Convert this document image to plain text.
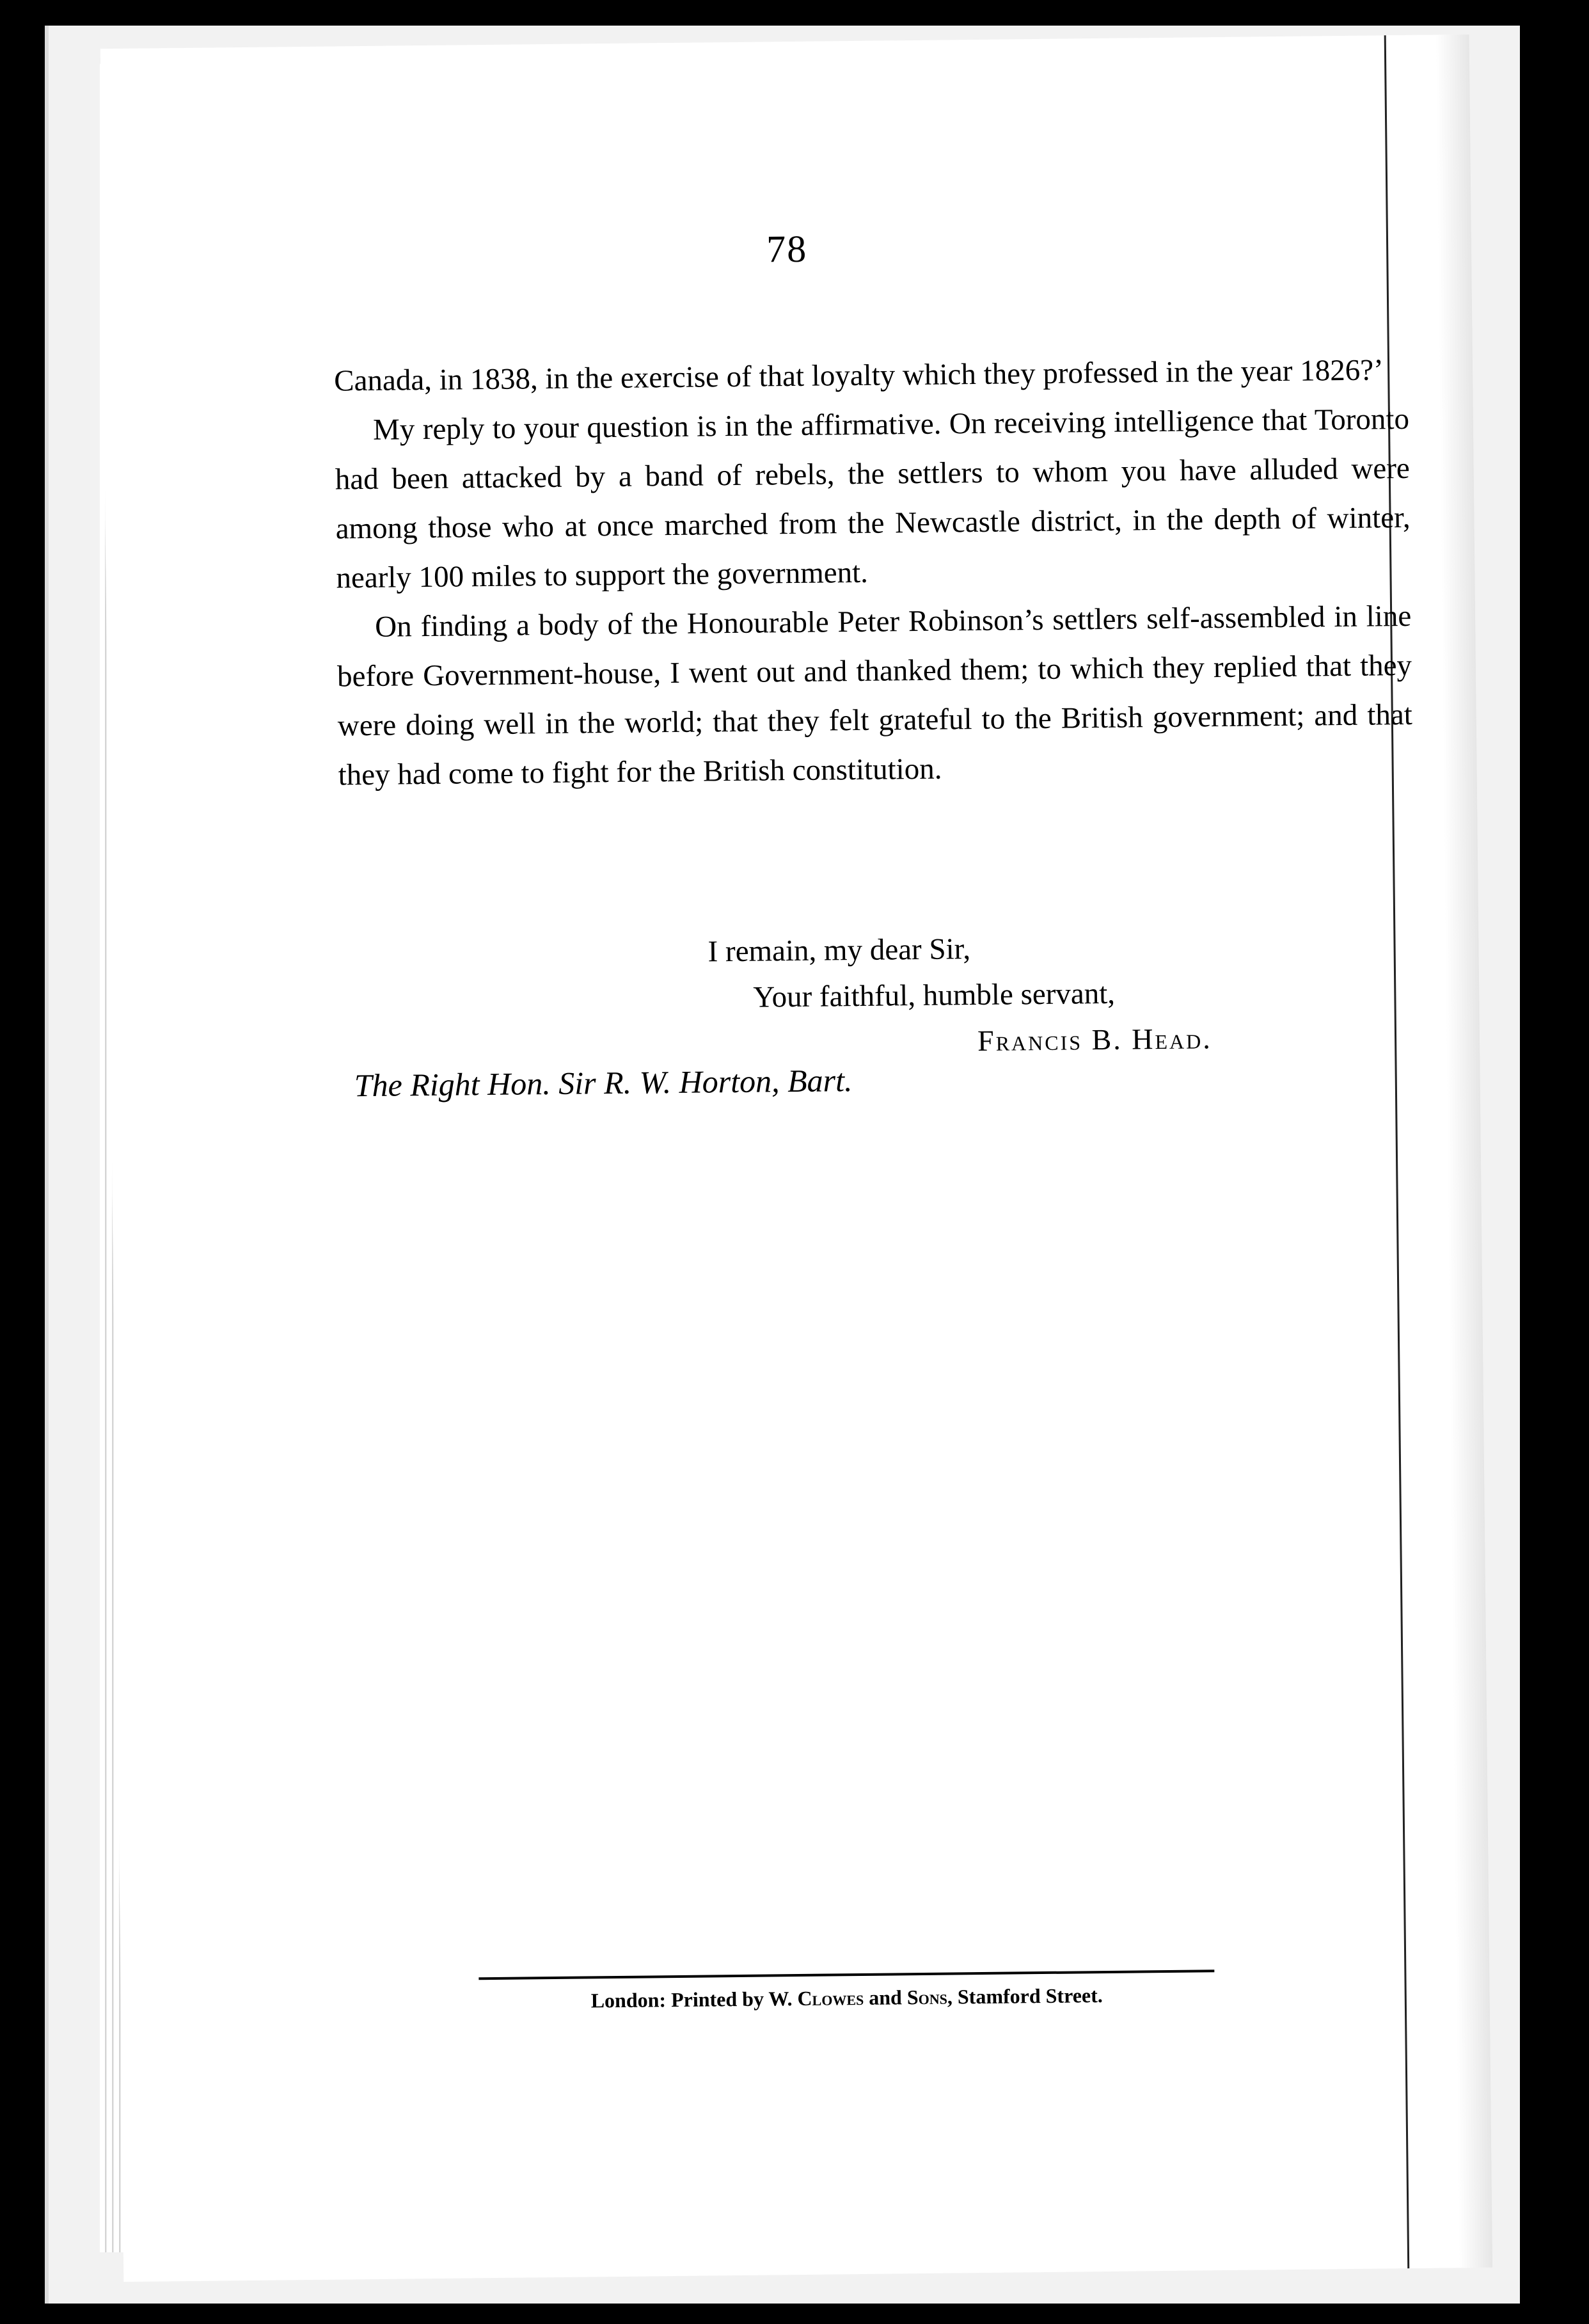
78

Canada, in 1838, in the exercise of that loyalty which they professed in the year 1826?’

My reply to your question is in the affirmative. On receiving intelligence that Toronto had been attacked by a band of rebels, the settlers to whom you have alluded were among those who at once marched from the Newcastle district, in the depth of winter, nearly 100 miles to support the government.

On finding a body of the Honourable Peter Robinson’s settlers self-assembled in line before Government-house, I went out and thanked them; to which they replied that they were doing well in the world; that they felt grateful to the British government; and that they had come to fight for the British constitution.

I remain, my dear Sir,
Your faithful, humble servant,
Francis B. Head.
The Right Hon. Sir R. W. Horton, Bart.
London: Printed by W. Clowes and Sons, Stamford Street.
